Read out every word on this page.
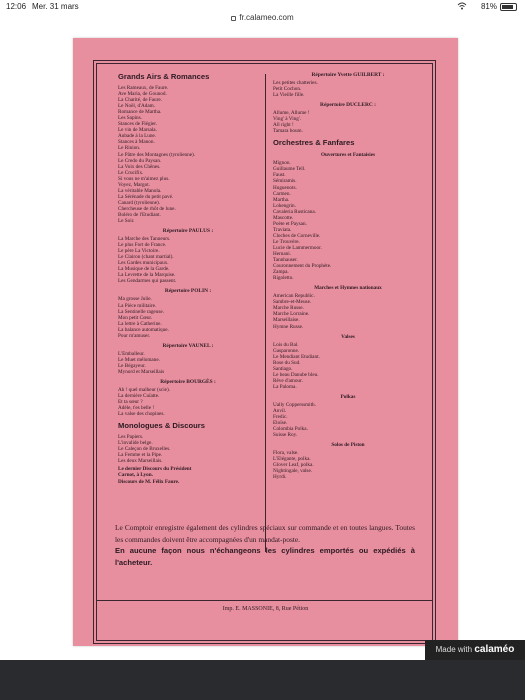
12:06 Mer. 31 mars	81%
fr.calameo.com
Grands Airs & Romances
Les Rameaux, de Faure.
Ave Maria, de Gounod.
La Charité, de Faure.
Le Noël, d'Adam.
Romance de Martha.
Les Sapins.
Stances de Flégier.
Le vin de Marsala.
Aubade à la Lune.
Stances à Manon.
Le Rinion.
Le Pâtre des Montagnes (tyrolienne).
Le Credo du Paysan.
La Voix des Chênes.
Le Crucifix.
Si vous ne m'aimez plus.
Voyez, Margot.
La véritable Manola.
La Sérénade du petit pavé.
Canard (tyrolienne).
Chercheuse de rhôt de lune.
Boléro de l'Etudiant.
Le Soir.
Répertoire PAULUS :
La Marche des Tanneurs.
Le plus Fort de France.
Le père La Victoire.
Le Clairon (chant martial).
Les Gardes municipaux.
La Musique de la Garde.
La Levrette de la Marquise.
Les Gendarmes qui passent.
Répertoire POLIN :
Ma grosse Julie.
La Pièce militaire.
La Sentinelle rageuse.
Mon petit Cœur.
La lettre à Catherine.
La balance automatique.
Pour m'amuser.
Répertoire VAUNEL :
L'Emballeur.
Le Muet mélomane.
Le Bégayeur.
Mynord et Marseillais
Répertoire BOURGÈS :
Ah ! quel malheur (scie).
La dernière Cuïatte.
Et ta sœur ?
Adèle, t'es belle !
La valse des chopines.
Monologues & Discours
Les Papiers.
L'invalide belge.
Le Caleçon de Bruxelles.
La Femme et la Pipe.
Les deux Marseillais.
Le dernier Discours du Président
Carnot, à Lyon.
Discours de M. Félix Faure.
Répertoire Yvette GUILBERT :
Les petites chatteries.
Petit Cochon.
La Vieille fille.
Répertoire DUCLERC :
Allume, Allume !
Ving' à Ving'.
All right !
Tamara boum.
Orchestres & Fanfares
Ouvertures et Fantaisies
Mignon.
Guillaume Tell.
Faust.
Sémiramis.
Huguenots.
Carmen.
Martha.
Lohengrin.
Cavaleria Rusticana.
Mascotte.
Poète et Paysan.
Traviata.
Cloches de Corneville.
Le Trouvère.
Lucie de Lammermoor.
Hernani.
Tannhauser.
Couronnement du Prophète.
Zampa.
Rigoletto.
Marches et Hymnes nationaux
American Republic.
Sambre-et-Meuse.
Marche Russe.
Marche Lorraine.
Marseillaise.
Hymne Russe.
Valses
Lois du Bal.
Gasparonne.
Le Mendiant Etudiant.
Rose du Sud.
Santiago.
Le beau Danube bleu.
Rêve d'amour.
La Paloma.
Polkas
Ually Copperssmith.
Anvil.
Fredic.
Eloïse.
Colombia Polka.
Suisse Roy.
Solos de Piston
Flora, valse.
L'Elégante, polka.
Glover Leaf, polka.
Nightingale, valse.
Hyrdi.

Le Comptoir enregistre également des cylindres spéciaux sur commande et en toutes langues. Toutes les commandes doivent être accompagnées d'un mandat-poste.

En aucune façon nous n'échangeons les cylindres emportés ou expédiés à l'acheteur.

Imp. E. MASSONIE, 8, Rue Pétion
Made with calaméo
